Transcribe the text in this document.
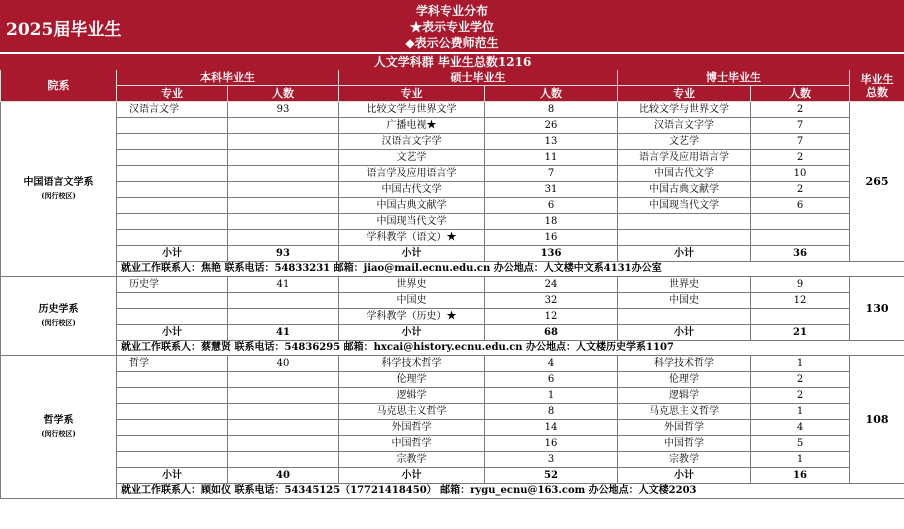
2025届毕业生
学科专业分布
★表示专业学位
◆表示公费师范生
人文学科群 毕业生总数1216							
院系	本科毕业生		硕士毕业生		博士毕业生		毕业生总数
	专业	人数	专业	人数	专业	人数	

中国语言文学系
(闵行校区)	汉语言文学	93	比较文学与世界文学	8	比较文学与世界文学	2	265
			广播电视★	26	汉语言文字学	7	
			汉语言文字学	13	文艺学	7	
			文艺学	11	语言学及应用语言学	2	
			语言学及应用语言学	7	中国古代文学	10	
			中国古代文学	31	中国古典文献学	2	
			中国古典文献学	6	中国现当代文学	6	
			中国现当代文学	18			
			学科教学（语文）★	16			
	小计	93	小计	136	小计	36	
	就业工作联系人：焦艳 联系电话：54833231 邮箱：jiao@mail.ecnu.edu.cn 办公地点：人文楼中文系4131办公室						

历史学系
(闵行校区)	历史学	41	世界史	24	世界史	9	130
			中国史	32	中国史	12	
			学科教学（历史）★	12			
	小计	41	小计	68	小计	21	
	就业工作联系人：蔡慧贤 联系电话：54836295 邮箱：hxcai@history.ecnu.edu.cn 办公地点：人文楼历史学系1107						

哲学系
(闵行校区)	哲学	40	科学技术哲学	4	科学技术哲学	1	108
			伦理学	6	伦理学	2	
			逻辑学	1	逻辑学	2	
			马克思主义哲学	8	马克思主义哲学	1	
			外国哲学	14	外国哲学	4	
			中国哲学	16	中国哲学	5	
			宗教学	3	宗教学	1	
	小计	40	小计	52	小计	16	
	就业工作联系人：顾如仪 联系电话：54345125（17721418450） 邮箱：rygu_ecnu@163.com 办公地点：人文楼2203						
